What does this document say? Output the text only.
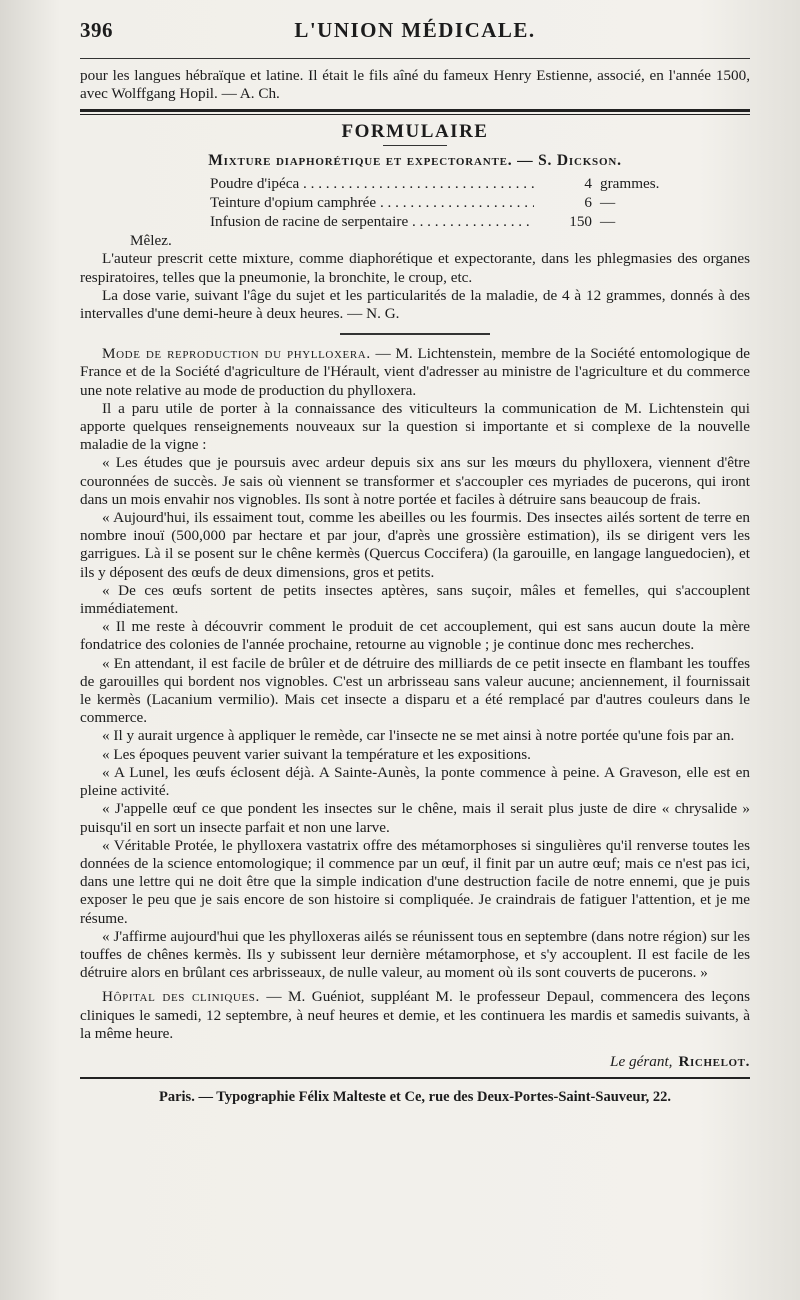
396	L'UNION MÉDICALE.

pour les langues hébraïque et latine. Il était le fils aîné du fameux Henry Estienne, associé, en l'année 1500, avec Wolffgang Hopil. — A. Ch.

FORMULAIRE
Mixture diaphorétique et expectorante. — S. Dickson.
Poudre d'ipéca . . .	4 grammes.
Teinture d'opium camphrée . . .	6 —
Infusion de racine de serpentaire . . .	150 —
Mêlez.

L'auteur prescrit cette mixture, comme diaphorétique et expectorante, dans les phlegmasies des organes respiratoires, telles que la pneumonie, la bronchite, le croup, etc.

La dose varie, suivant l'âge du sujet et les particularités de la maladie, de 4 à 12 grammes, donnés à des intervalles d'une demi-heure à deux heures. — N. G.

Mode de reproduction du phylloxera. — M. Lichtenstein, membre de la Société entomologique de France et de la Société d'agriculture de l'Hérault, vient d'adresser au ministre de l'agriculture et du commerce une note relative au mode de production du phylloxera.

Il a paru utile de porter à la connaissance des viticulteurs la communication de M. Lichtenstein qui apporte quelques renseignements nouveaux sur la question si importante et si complexe de la nouvelle maladie de la vigne :

« Les études que je poursuis avec ardeur depuis six ans sur les mœurs du phylloxera, viennent d'être couronnées de succès. Je sais où viennent se transformer et s'accoupler ces myriades de pucerons, qui iront dans un mois envahir nos vignobles. Ils sont à notre portée et faciles à détruire sans beaucoup de frais.

« Aujourd'hui, ils essaiment tout, comme les abeilles ou les fourmis. Des insectes ailés sortent de terre en nombre inouï (500,000 par hectare et par jour, d'après une grossière estimation), ils se dirigent vers les garrigues. Là il se posent sur le chêne kermès (Quercus Coccifera) (la garouille, en langage languedocien), et ils y déposent des œufs de deux dimensions, gros et petits.

« De ces œufs sortent de petits insectes aptères, sans suçoir, mâles et femelles, qui s'accouplent immédiatement.

« Il me reste à découvrir comment le produit de cet accouplement, qui est sans aucun doute la mère fondatrice des colonies de l'année prochaine, retourne au vignoble ; je continue donc mes recherches.

« En attendant, il est facile de brûler et de détruire des milliards de ce petit insecte en flambant les touffes de garouilles qui bordent nos vignobles. C'est un arbrisseau sans valeur aucune; anciennement, il fournissait le kermès (Lacanium vermilio). Mais cet insecte a disparu et a été remplacé par d'autres couleurs dans le commerce.

« Il y aurait urgence à appliquer le remède, car l'insecte ne se met ainsi à notre portée qu'une fois par an.

« Les époques peuvent varier suivant la température et les expositions.

« A Lunel, les œufs éclosent déjà. A Sainte-Aunès, la ponte commence à peine. A Graveson, elle est en pleine activité.

« J'appelle œuf ce que pondent les insectes sur le chêne, mais il serait plus juste de dire « chrysalide » puisqu'il en sort un insecte parfait et non une larve.

« Véritable Protée, le phylloxera vastatrix offre des métamorphoses si singulières qu'il renverse toutes les données de la science entomologique; il commence par un œuf, il finit par un autre œuf; mais ce n'est pas ici, dans une lettre qui ne doit être que la simple indication d'une destruction facile de notre ennemi, que je puis exposer le peu que je sais encore de son histoire si compliquée. Je craindrais de fatiguer l'attention, et je me résume.

« J'affirme aujourd'hui que les phylloxeras ailés se réunissent tous en septembre (dans notre région) sur les touffes de chênes kermès. Ils y subissent leur dernière métamorphose, et s'y accouplent. Il est facile de les détruire alors en brûlant ces arbrisseaux, de nulle valeur, au moment où ils sont couverts de pucerons. »

Hôpital des cliniques. — M. Guéniot, suppléant M. le professeur Depaul, commencera des leçons cliniques le samedi, 12 septembre, à neuf heures et demie, et les continuera les mardis et samedis suivants, à la même heure.

Le gérant, Richelot.
Paris. — Typographie Félix Malteste et Ce, rue des Deux-Portes-Saint-Sauveur, 22.
